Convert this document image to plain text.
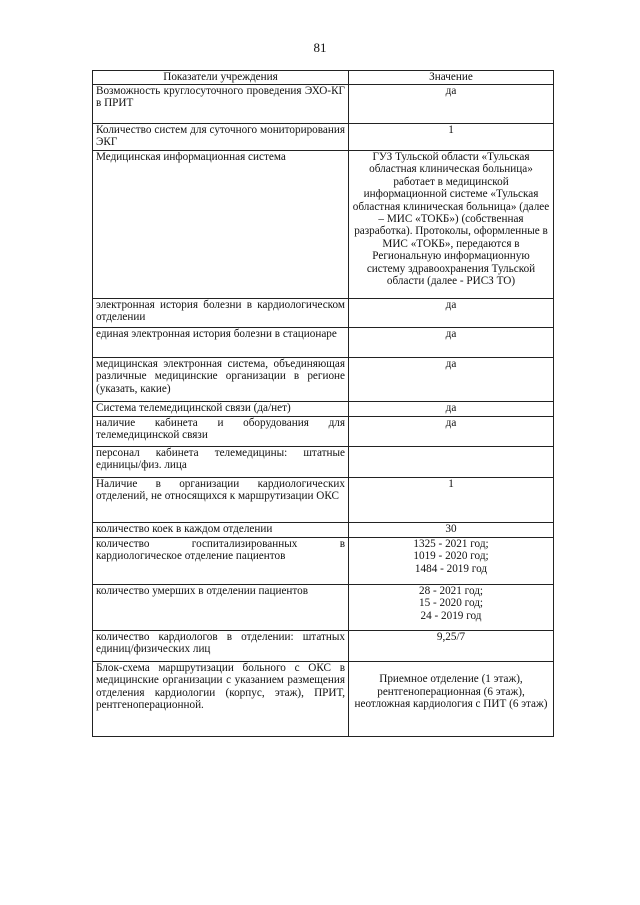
81
Показатели учреждения	Значение
Возможность круглосуточного проведения ЭХО-КГ в ПРИТ	да

Количество систем для суточного мониторирования ЭКГ	1

Медицинская информационная система	ГУЗ Тульской области «Тульская областная клиническая больница» работает в медицинской информационной системе «Тульская областная клиническая больница» (далее – МИС «ТОКБ») (собственная разработка). Протоколы, оформленные в МИС «ТОКБ», передаются в Региональную информационную систему здравоохранения Тульской области (далее - РИСЗ ТО)

электронная история болезни в кардиологическом отделении	да

единая электронная история болезни в стационаре	да

медицинская электронная система, объединяющая различные медицинские организации в регионе (указать, какие)	да

Система телемедицинской связи (да/нет)	да

наличие кабинета и оборудования для телемедицинской связи	да

персонал кабинета телемедицины: штатные единицы/физ. лица	
Наличие в организации кардиологических отделений, не относящихся к маршрутизации ОКС	1

количество коек в каждом отделении	30

количество госпитализированных в кардиологическое отделение пациентов	1325 - 2021 год;
1019 - 2020 год;
1484 - 2019 год

количество умерших в отделении пациентов	28 - 2021 год;
15 - 2020 год;
24 - 2019 год

количество кардиологов в отделении: штатных единиц/физических лиц	9,25/7

Блок-схема маршрутизации больного с ОКС в медицинские организации с указанием размещения отделения кардиологии (корпус, этаж), ПРИТ, рентгеноперационной.	Приемное отделение (1 этаж), рентгеноперационная (6 этаж), неотложная кардиология с ПИТ (6 этаж)
